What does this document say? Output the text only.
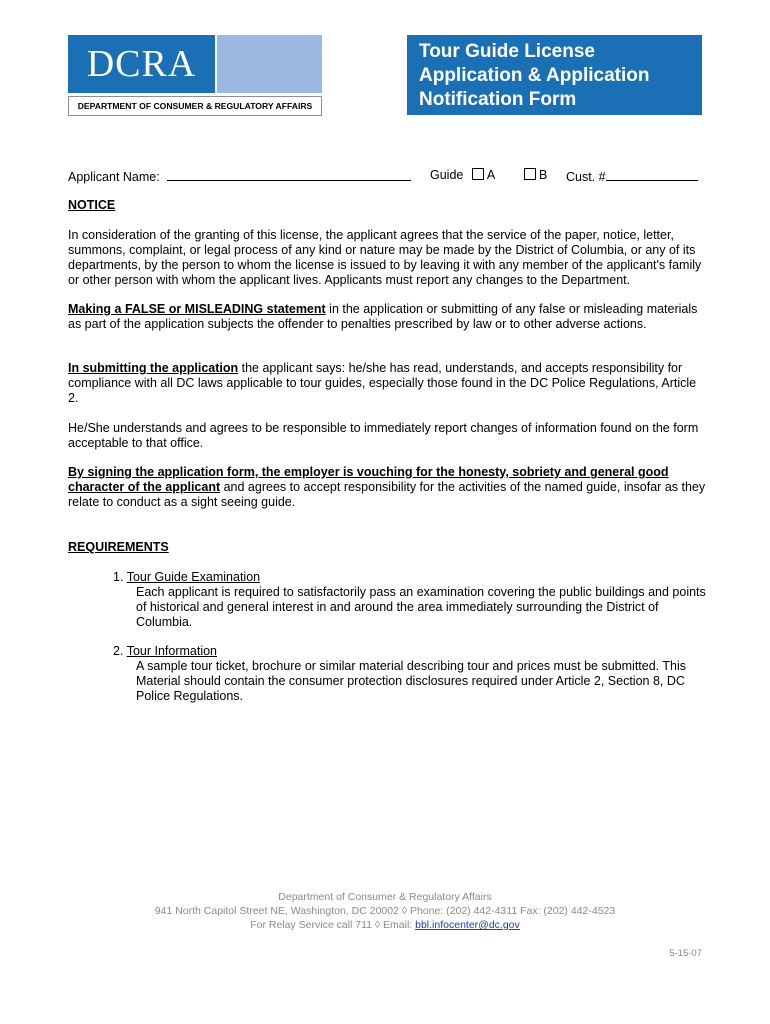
DCRA
DEPARTMENT OF CONSUMER & REGULATORY AFFAIRS
Tour Guide License
Application & Application
Notification Form
Applicant Name:	Guide A	B Cust. #
NOTICE
In consideration of the granting of this license, the applicant agrees that the service of the paper, notice, letter, summons, complaint, or legal process of any kind or nature may be made by the District of Columbia, or any of its departments, by the person to whom the license is issued to by leaving it with any member of the applicant's family or other person with whom the applicant lives. Applicants must report any changes to the Department.
Making a FALSE or MISLEADING statement in the application or submitting of any false or misleading materials as part of the application subjects the offender to penalties prescribed by law or to other adverse actions.
In submitting the application the applicant says: he/she has read, understands, and accepts responsibility for compliance with all DC laws applicable to tour guides, especially those found in the DC Police Regulations, Article 2.
He/She understands and agrees to be responsible to immediately report changes of information found on the form acceptable to that office.
By signing the application form, the employer is vouching for the honesty, sobriety and general good character of the applicant and agrees to accept responsibility for the activities of the named guide, insofar as they relate to conduct as a sight seeing guide.
REQUIREMENTS
1. Tour Guide Examination
Each applicant is required to satisfactorily pass an examination covering the public buildings and points of historical and general interest in and around the area immediately surrounding the District of Columbia.
2. Tour Information
A sample tour ticket, brochure or similar material describing tour and prices must be submitted. This Material should contain the consumer protection disclosures required under Article 2, Section 8, DC Police Regulations.
Department of Consumer & Regulatory Affairs
941 North Capitol Street NE, Washington, DC 20002 ◊ Phone: (202) 442-4311 Fax: (202) 442-4523
For Relay Service call 711 ◊ Email: bbl.infocenter@dc.gov
5-15-07
